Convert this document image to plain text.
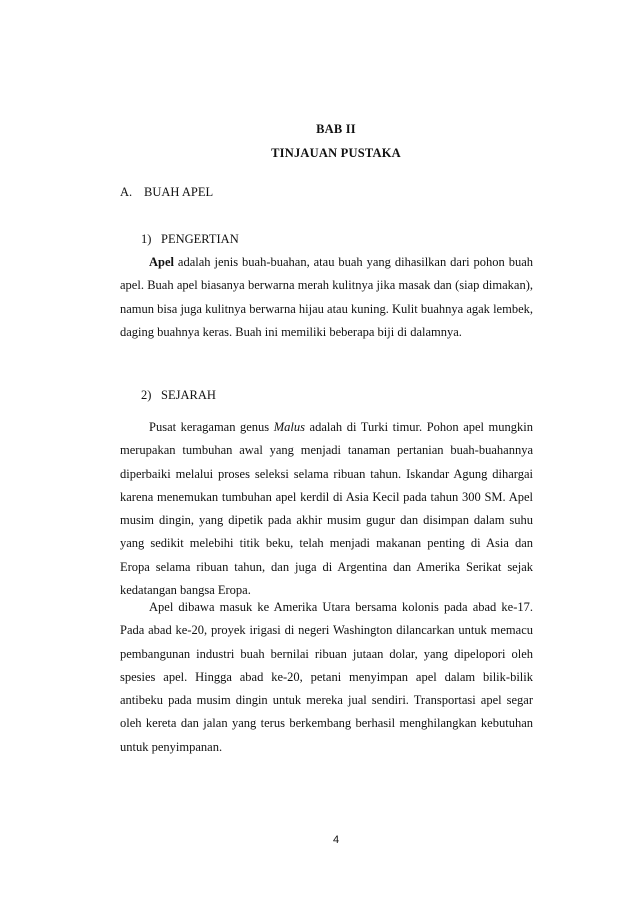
BAB II
TINJAUAN PUSTAKA
A. BUAH APEL
1) PENGERTIAN

Apel adalah jenis buah-buahan, atau buah yang dihasilkan dari pohon buah apel. Buah apel biasanya berwarna merah kulitnya jika masak dan (siap dimakan), namun bisa juga kulitnya berwarna hijau atau kuning. Kulit buahnya agak lembek, daging buahnya keras. Buah ini memiliki beberapa biji di dalamnya.

2) SEJARAH

Pusat keragaman genus Malus adalah di Turki timur. Pohon apel mungkin merupakan tumbuhan awal yang menjadi tanaman pertanian buah-buahannya diperbaiki melalui proses seleksi selama ribuan tahun. Iskandar Agung dihargai karena menemukan tumbuhan apel kerdil di Asia Kecil pada tahun 300 SM. Apel musim dingin, yang dipetik pada akhir musim gugur dan disimpan dalam suhu yang sedikit melebihi titik beku, telah menjadi makanan penting di Asia dan Eropa selama ribuan tahun, dan juga di Argentina dan Amerika Serikat sejak kedatangan bangsa Eropa.

Apel dibawa masuk ke Amerika Utara bersama kolonis pada abad ke-17. Pada abad ke-20, proyek irigasi di negeri Washington dilancarkan untuk memacu pembangunan industri buah bernilai ribuan jutaan dolar, yang dipelopori oleh spesies apel. Hingga abad ke-20, petani menyimpan apel dalam bilik-bilik antibeku pada musim dingin untuk mereka jual sendiri. Transportasi apel segar oleh kereta dan jalan yang terus berkembang berhasil menghilangkan kebutuhan untuk penyimpanan.

4
